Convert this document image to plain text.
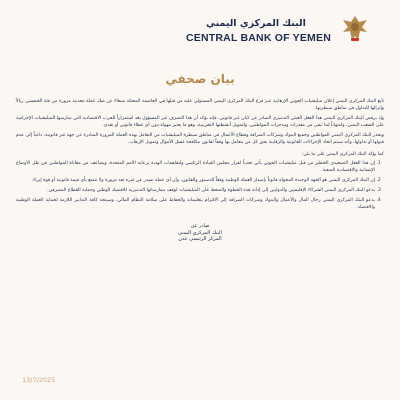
البنك المركزي اليمني
CENTRAL BANK OF YEMEN
بيان صحفي

تابع البنك المركزي اليمني إعلان ميليشيات الحوثي الإرهابية عبر فرع البنك المركزي اليمني المستولى عليه من قبلها في العاصمة المحتلة صنعاء عن صك عملة معدنية مزورة من فئة الخمسين ريالاً وإنزالها للتداول في مناطق سيطرتها.

وإذ يرفض البنك المركزي اليمني هذا الفعل العبثي التدميري الصادر عن كيان غير قانوني، فإنه يؤكد أن هذا التصرف غير المسؤول يعد استمراراً للحرب الاقتصادية التي تمارسها الميليشيات الإجرامية على الشعب اليمني، وامتهاناً لما تبقى من مقدرات ومدخرات المواطنين، ولتمويل أنشطتها التخريبية، وهو ما يعتبر مهولة دون أي غطاء قانوني أو نقدي.

ويحذر البنك المركزي اليمني المواطنين وجميع البنوك وشركات الصرافة وقطاع الأعمال في مناطق سيطرة الميليشيات من التعامل بهذه العملة المزورة الصادرة عن جهة غير قانونية، داعياً إلى عدم قبولها أو تداولها، وأنه سيتم اتخاذ الإجراءات القانونية والرقابية بحق كل من يتعامل بها وفقاً لقانون مكافحة غسل الأموال وتمويل الإرهاب.

كما يؤكد البنك المركزي اليمني على ما يلي:

1. إن هذا الفعل التصعيدي الخطير من قبل ميليشيات الحوثي يأتي تحدياً لقرار مجلس القيادة الرئاسي ولتفاهمات الهدنة برعاية الأمم المتحدة، ويضاعف من معاناة المواطنين في ظل الأوضاع الإنسانية والاقتصادية الصعبة.
2. إن البنك المركزي اليمني هو الجهة الوحيدة المخولة قانوناً بإصدار العملة الوطنية وفقاً للدستور والقانون، وأن أي عملة تصدر عن غيره تعد مزورة ولا تتمتع بأي قيمة قانونية أو قوة إبراء.
3. يدعو البنك المركزي اليمني الشركاء الإقليميين والدوليين إلى إدانة هذه الخطوة والضغط على الميليشيات لوقف ممارساتها التدميرية للاقتصاد الوطني وحماية القطاع المصرفي.
4. يدعو البنك المركزي اليمني رجال المال والأعمال والبنوك وشركات الصرافة إلى الالتزام بتعليماته والحفاظ على سلامة النظام المالي، وسيتخذ كافة التدابير اللازمة لحماية العملة الوطنية والاقتصاد.
صادر عن
البنك المركزي اليمني
المركز الرئيسي عدن
13/7/2025
